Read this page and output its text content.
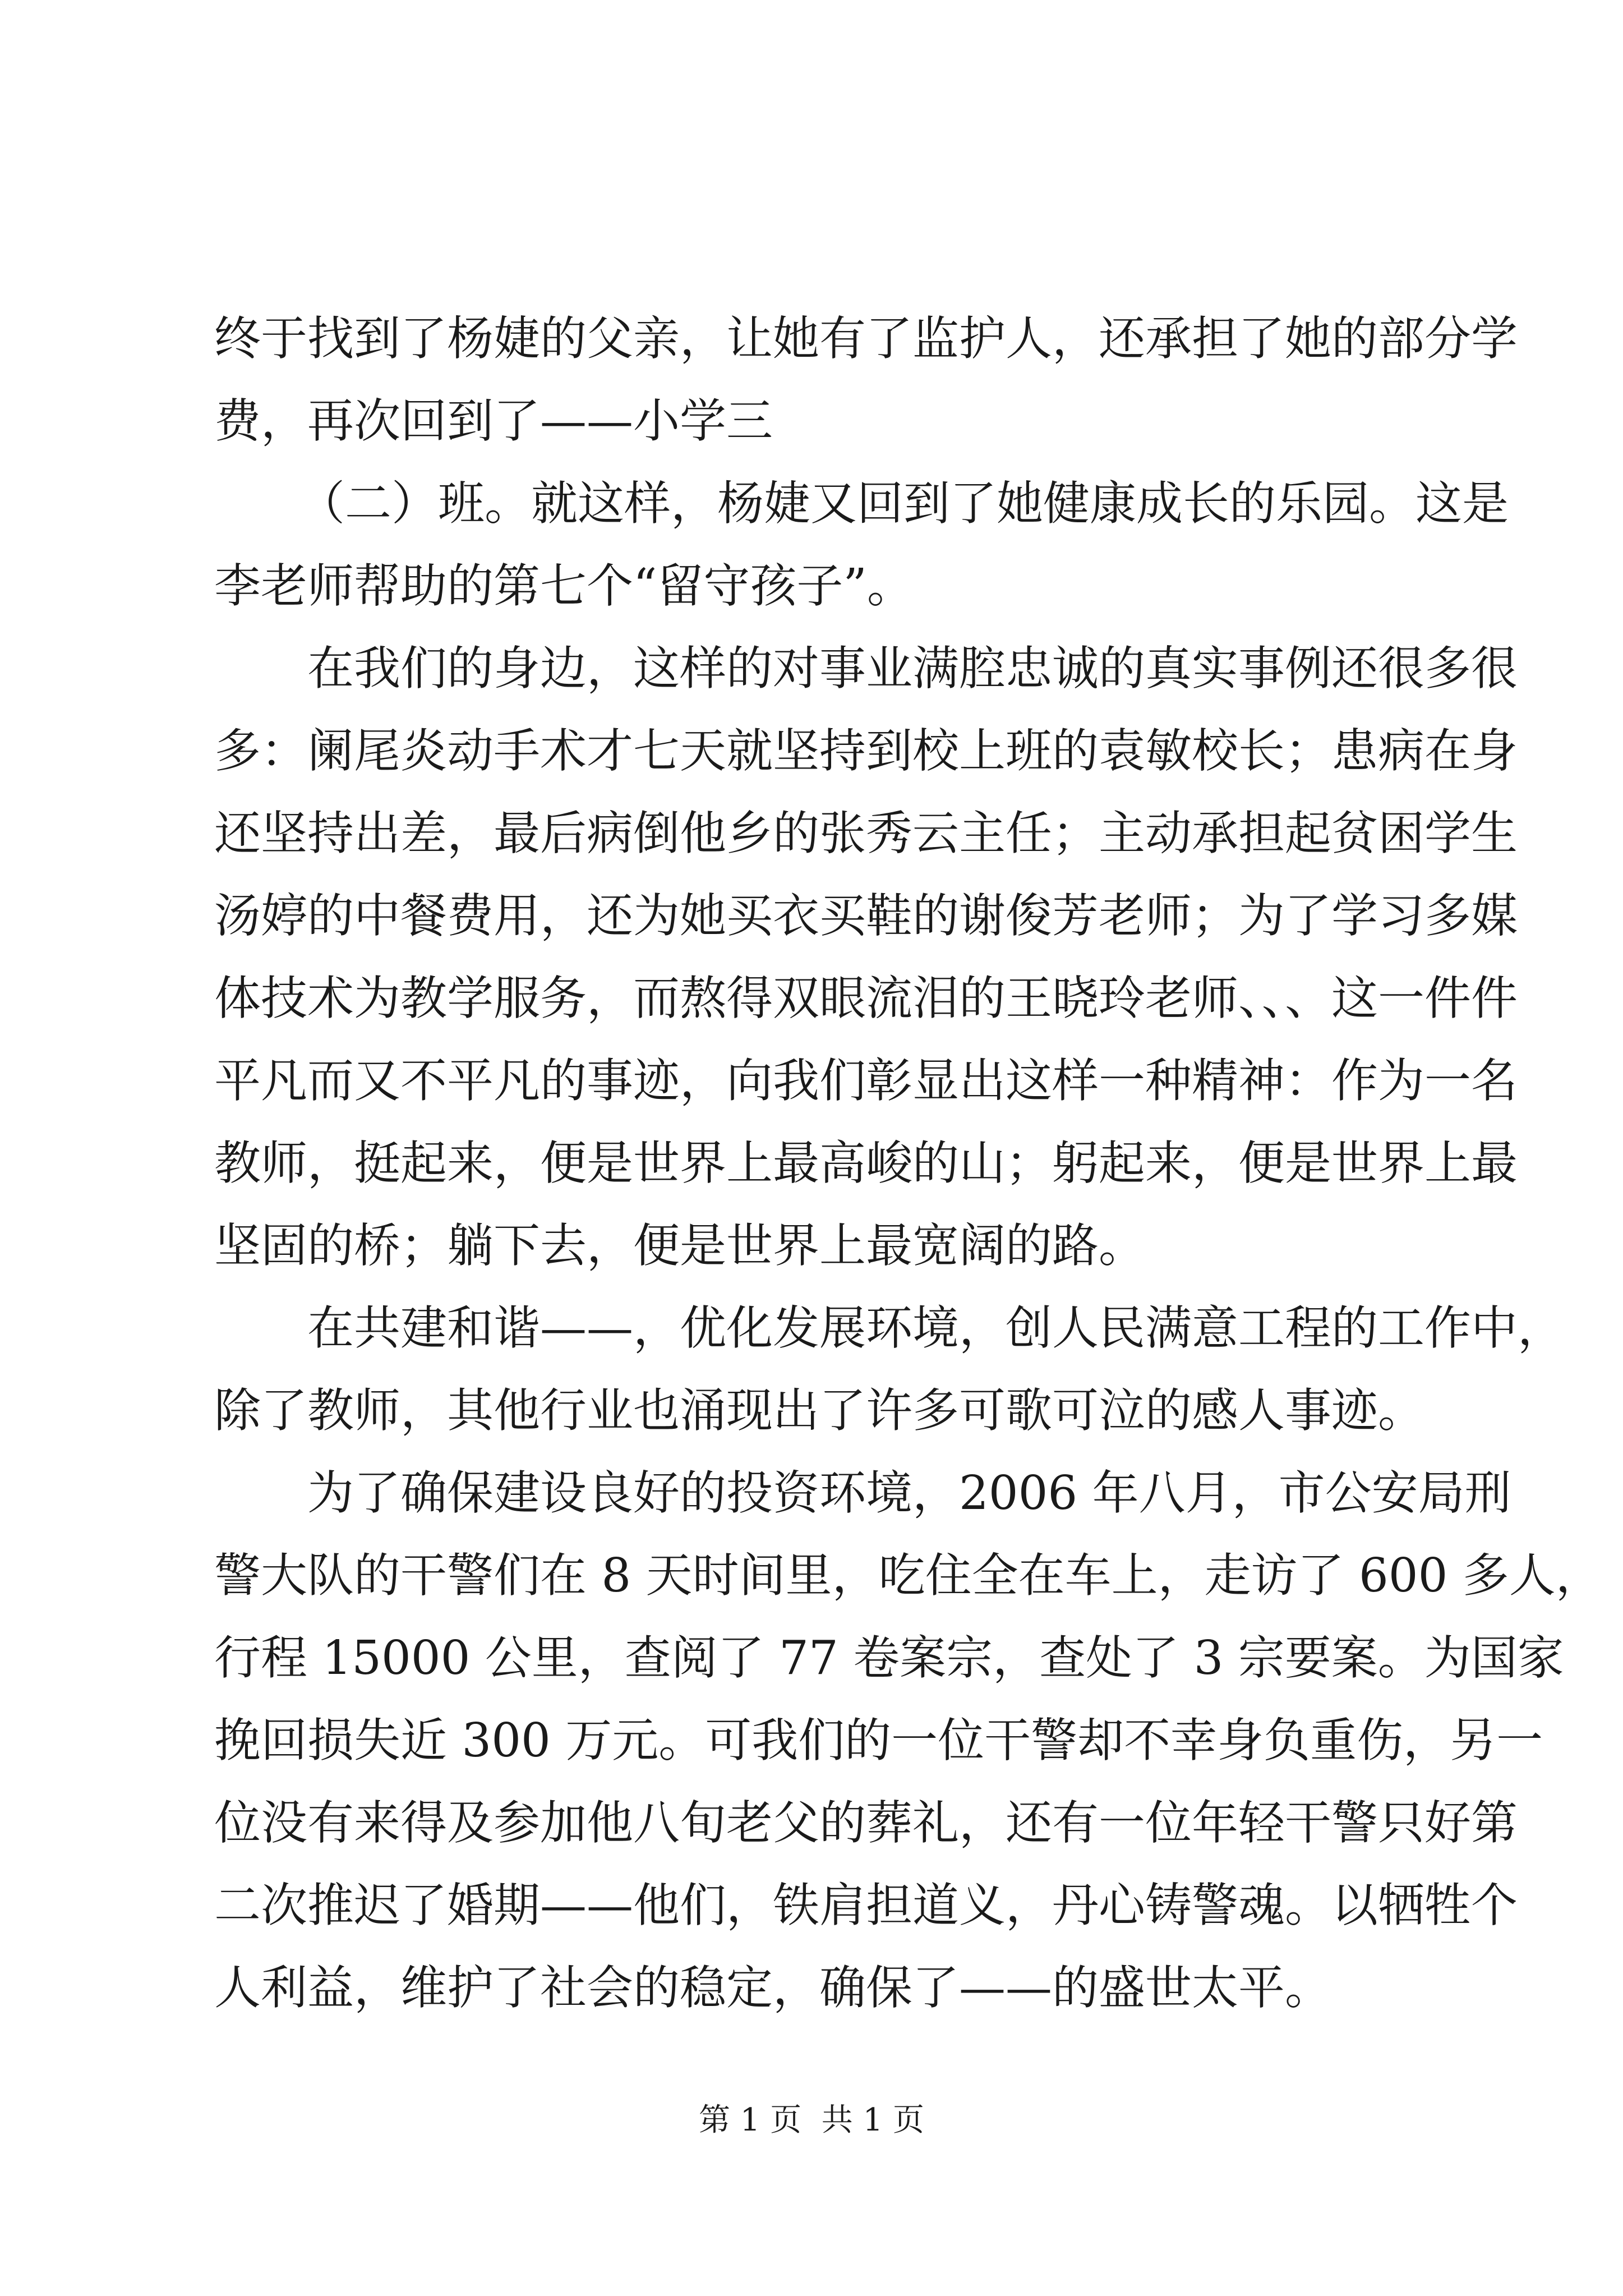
终于找到了杨婕的父亲，让她有了监护人，还承担了她的部分学
费，再次回到了——小学三
（二）班。就这样，杨婕又回到了她健康成长的乐园。这是
李老师帮助的第七个“留守孩子”。
在我们的身边，这样的对事业满腔忠诚的真实事例还很多很
多：阑尾炎动手术才七天就坚持到校上班的袁敏校长；患病在身
还坚持出差，最后病倒他乡的张秀云主任；主动承担起贫困学生
汤婷的中餐费用，还为她买衣买鞋的谢俊芳老师；为了学习多媒
体技术为教学服务，而熬得双眼流泪的王晓玲老师、、、这一件件
平凡而又不平凡的事迹，向我们彰显出这样一种精神：作为一名
教师，挺起来，便是世界上最高峻的山；躬起来，便是世界上最
坚固的桥；躺下去，便是世界上最宽阔的路。
在共建和谐——，优化发展环境，创人民满意工程的工作中，
除了教师，其他行业也涌现出了许多可歌可泣的感人事迹。
为了确保建设良好的投资环境，2006 年八月，市公安局刑
警大队的干警们在 8 天时间里，吃住全在车上，走访了 600 多人，
行程 15000 公里，查阅了 77 卷案宗，查处了 3 宗要案。为国家
挽回损失近 300 万元。可我们的一位干警却不幸身负重伤，另一
位没有来得及参加他八旬老父的葬礼，还有一位年轻干警只好第
二次推迟了婚期——他们，铁肩担道义，丹心铸警魂。以牺牲个
人利益，维护了社会的稳定，确保了——的盛世太平。
第 1 页  共 1 页
